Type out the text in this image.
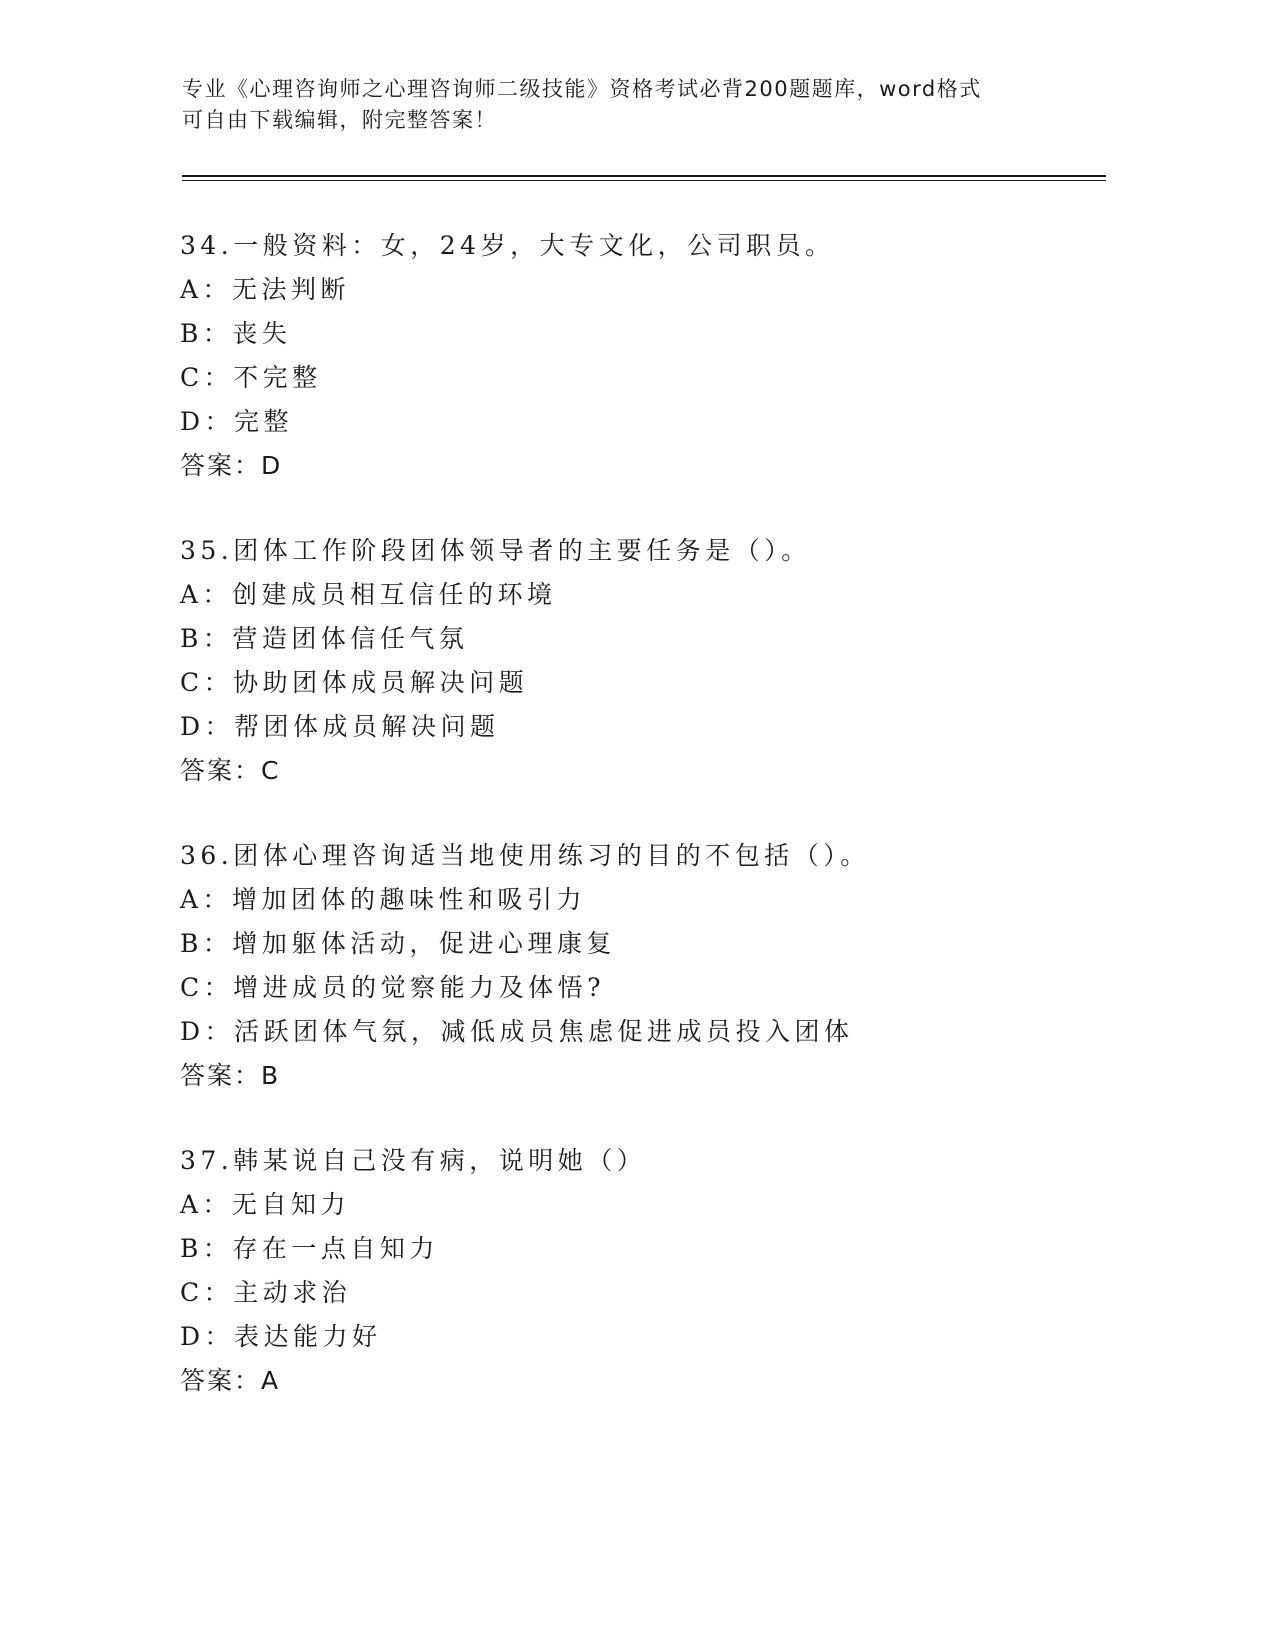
专业《心理咨询师之心理咨询师二级技能》资格考试必背200题题库，word格式
可自由下载编辑，附完整答案！
34.一般资料：女，24岁，大专文化，公司职员。
A：无法判断
B：丧失
C：不完整
D：完整
答案：D
35.团体工作阶段团体领导者的主要任务是（）。
A：创建成员相互信任的环境
B：营造团体信任气氛
C：协助团体成员解决问题
D：帮团体成员解决问题
答案：C
36.团体心理咨询适当地使用练习的目的不包括（）。
A：增加团体的趣味性和吸引力
B：增加躯体活动，促进心理康复
C：增进成员的觉察能力及体悟?
D：活跃团体气氛，减低成员焦虑促进成员投入团体
答案：B
37.韩某说自己没有病，说明她（）
A：无自知力
B：存在一点自知力
C：主动求治
D：表达能力好
答案：A
